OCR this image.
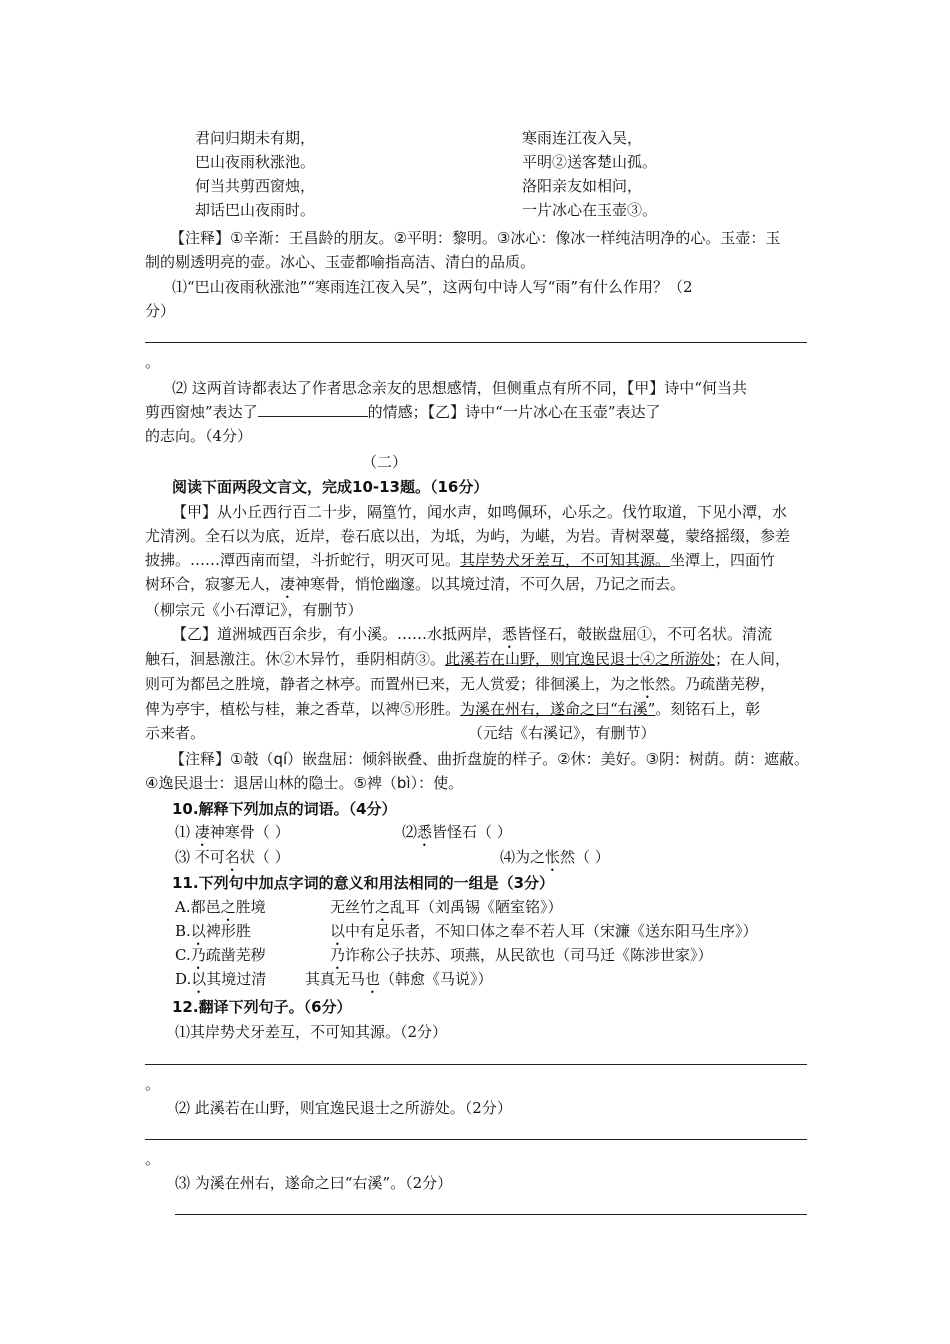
君问归期未有期，
巴山夜雨秋涨池。
何当共剪西窗烛，
却话巴山夜雨时。
寒雨连江夜入吴，
平明②送客楚山孤。
洛阳亲友如相问，
一片冰心在玉壶③。
【注释】①辛渐：王昌龄的朋友。②平明：黎明。③冰心：像冰一样纯洁明净的心。玉壶：玉
制的剔透明亮的壶。冰心、玉壶都喻指高洁、清白的品质。
⑴“巴山夜雨秋涨池”“寒雨连江夜入吴”，这两句中诗人写“雨”有什么作用？（2
分）
。
⑵ 这两首诗都表达了作者思念亲友的思想感情，但侧重点有所不同，【甲】诗中“何当共
剪西窗烛”表达了	的情感；【乙】诗中“一片冰心在玉壶”表达了
的志向。（4分）
（二）
阅读下面两段文言文，完成10-13题。（16分）
【甲】从小丘西行百二十步，隔篁竹，闻水声，如鸣佩环，心乐之。伐竹取道，下见小潭，水
尤清洌。全石以为底，近岸，卷石底以出，为坻，为屿，为嵁，为岩。青树翠蔓，蒙络摇缀，参差
披拂。……潭西南而望，斗折蛇行，明灭可见。其岸势犬牙差互，不可知其源。坐潭上，四面竹
树环合，寂寥无人，凄神寒骨，悄怆幽邃。以其境过清，不可久居，乃记之而去。
（柳宗元《小石潭记》，有删节）
【乙】道洲城西百余步，有小溪。……水抵两岸，悉皆怪石，攲嵌盘屈①，不可名状。清流
触石，洄悬激注。休②木异竹，垂阴相荫③。此溪若在山野，则宜逸民退士④之所游处；在人间，
则可为都邑之胜境，静者之林亭。而置州已来，无人赏爱；徘徊溪上，为之怅然。乃疏凿芜秽，
俾为亭宇，植松与桂，兼之香草，以裨⑤形胜。为溪在州右，遂命之曰“右溪”。刻铭石上，彰
示来者。	（元结《右溪记》，有删节）
【注释】①攲（qí）嵌盘屈：倾斜嵌叠、曲折盘旋的样子。②休：美好。③阴：树荫。荫：遮蔽。
④逸民退士：退居山林的隐士。⑤裨（bì）：使。
10.解释下列加点的词语。（4分）
⑴ 凄神寒骨（ ）	⑵悉皆怪石（ ）
⑶ 不可名状（ ）	⑷为之怅然（ ）
11.下列句中加点字词的意义和用法相同的一组是（3分）
A.都邑之胜境	无丝竹之乱耳（刘禹锡《陋室铭》）
B.以裨形胜	以中有足乐者，不知口体之奉不若人耳（宋濂《送东阳马生序》）
C.乃疏凿芜秽	乃诈称公子扶苏、项燕，从民欲也（司马迁《陈涉世家》）
D.以其境过清	其真无马也（韩愈《马说》）
12.翻译下列句子。（6分）
⑴其岸势犬牙差互，不可知其源。（2分）
。
⑵ 此溪若在山野，则宜逸民退士之所游处。（2分）
。
⑶ 为溪在州右，遂命之曰“右溪”。（2分）
